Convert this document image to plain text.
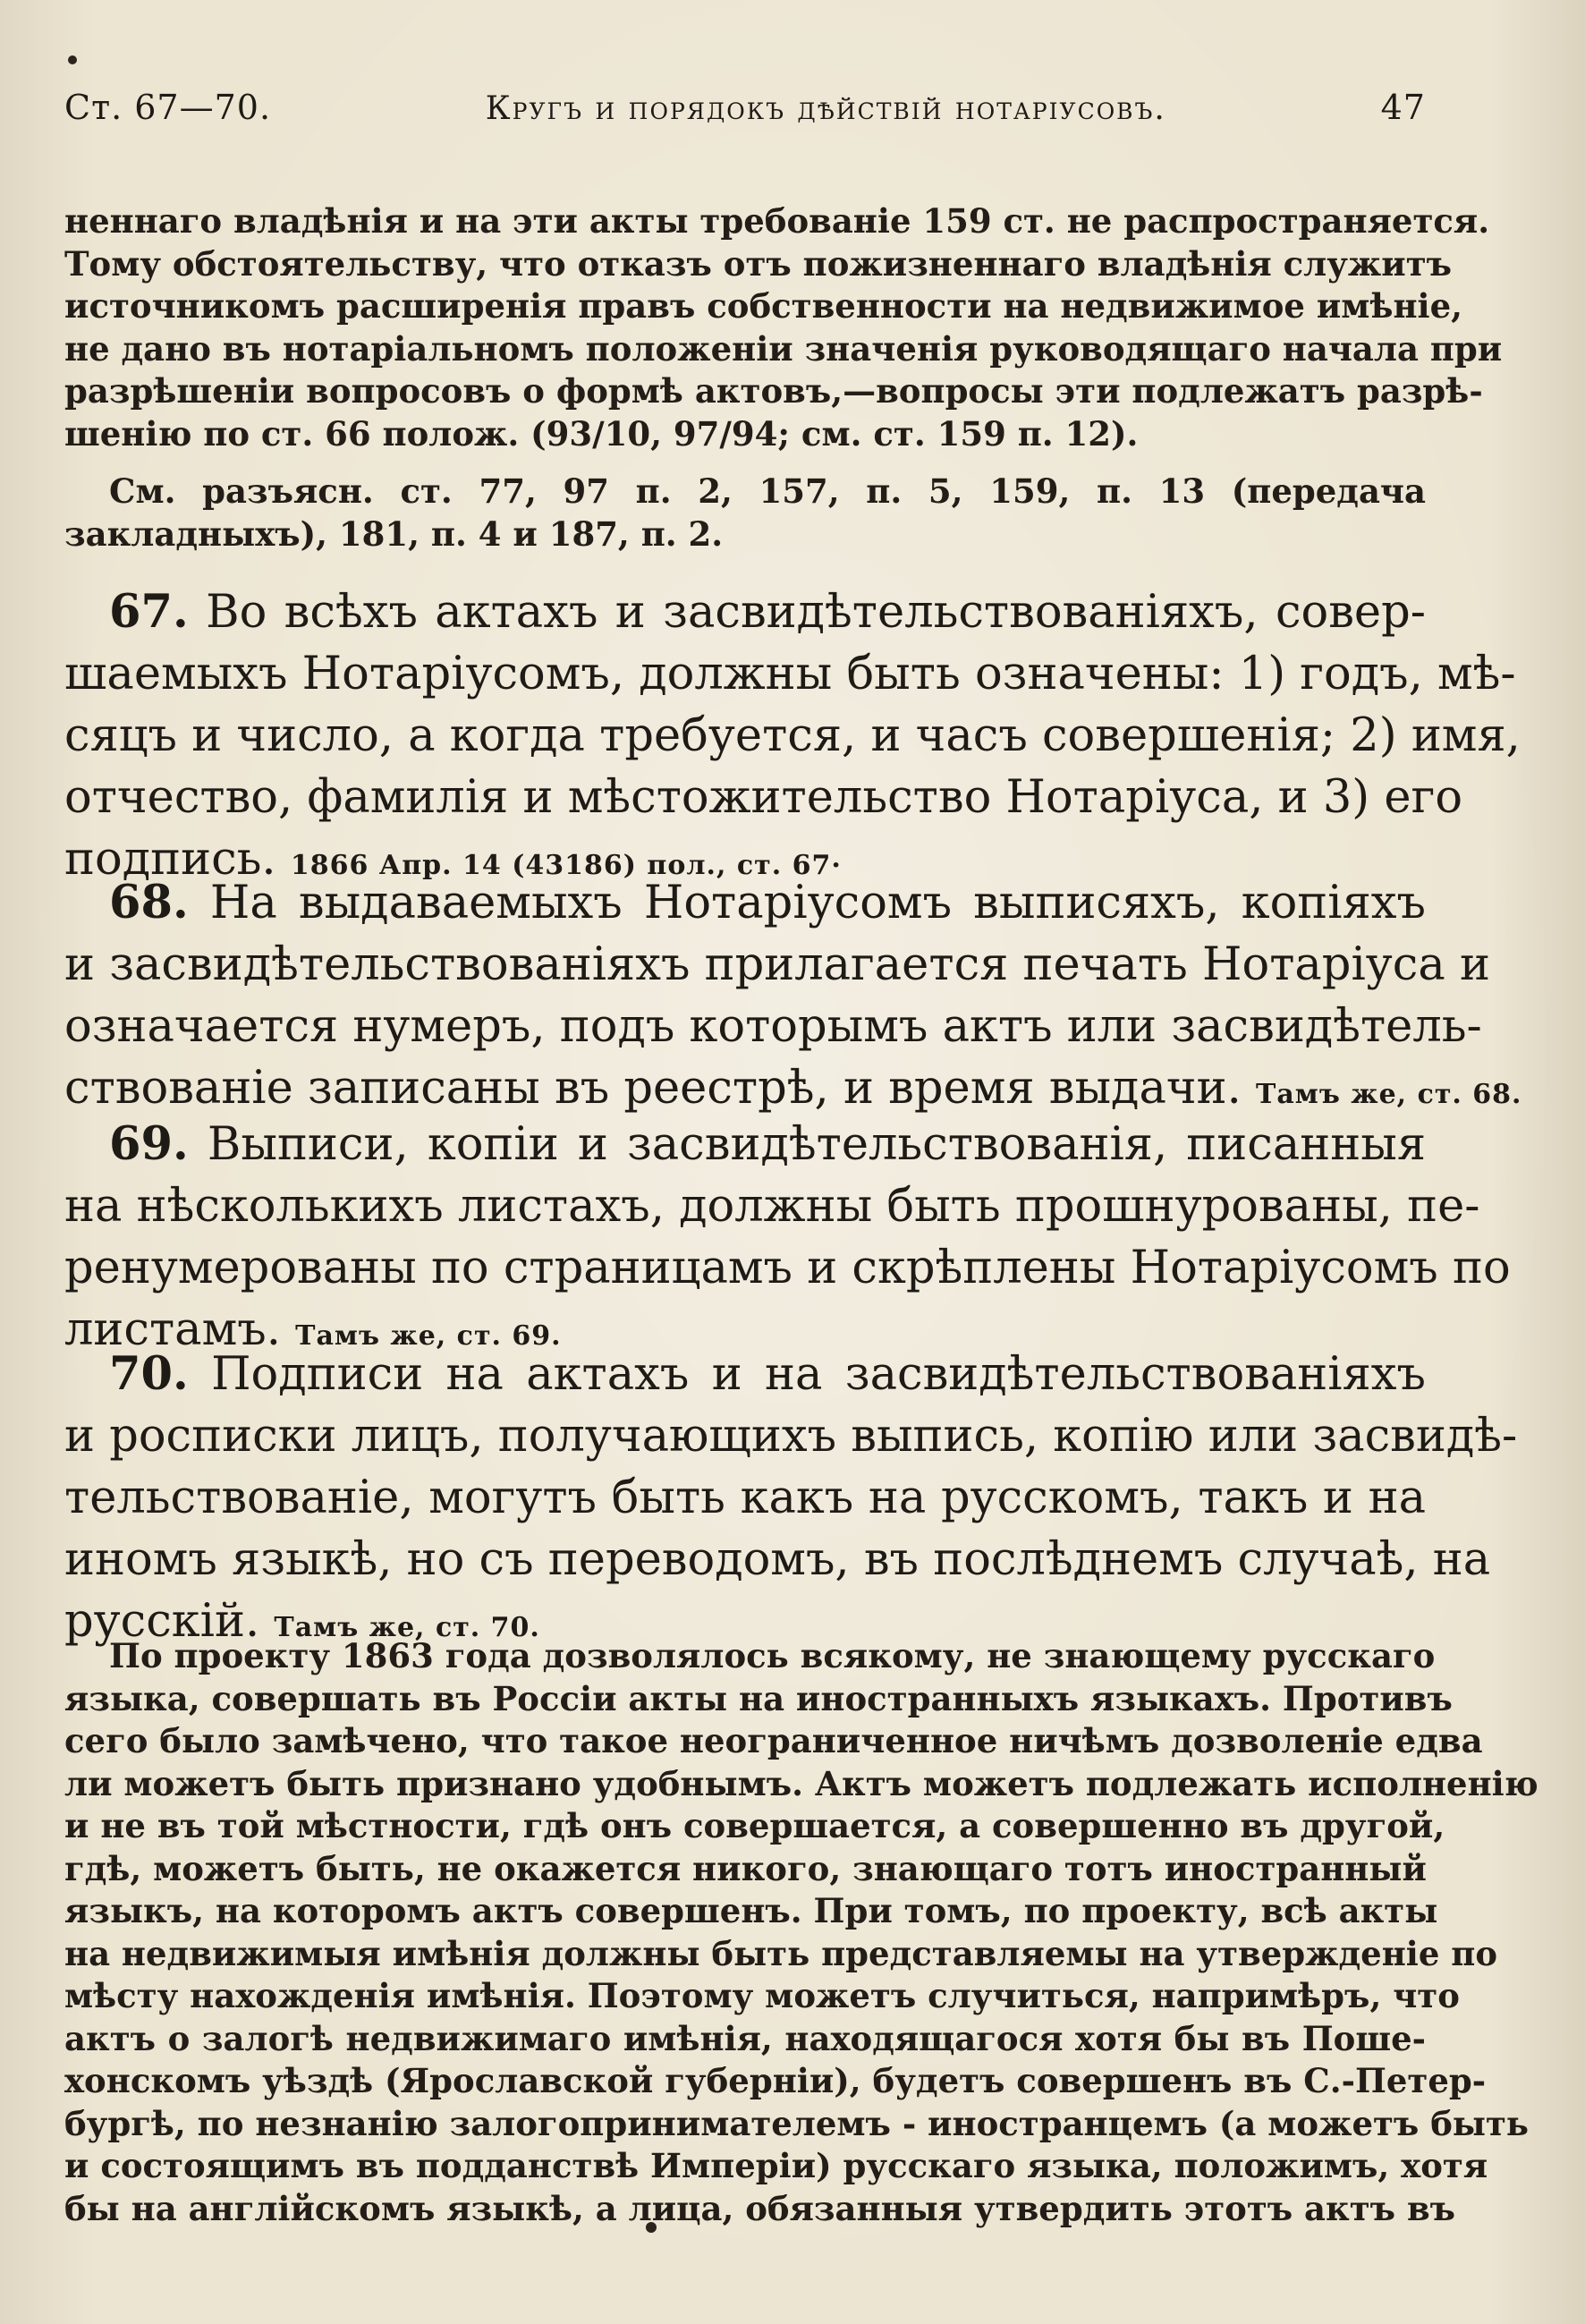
Ст. 67—70.	Кругъ и порядокъ дѣйствій нотаріусовъ.	47
неннаго владѣнія и на эти акты требованіе 159 ст. не распространяется.
Тому обстоятельству, что отказъ отъ пожизненнаго владѣнія служитъ
источникомъ расширенія правъ собственности на недвижимое имѣніе,
не дано въ нотаріальномъ положеніи значенія руководящаго начала при
разрѣшеніи вопросовъ о формѣ актовъ,—вопросы эти подлежатъ разрѣ-
шенію по ст. 66 полож. (93/10, 97/94; см. ст. 159 п. 12).
См. разъясн. ст. 77, 97 п. 2, 157, п. 5, 159, п. 13 (передача
закладныхъ), 181, п. 4 и 187, п. 2.
67. Во всѣхъ актахъ и засвидѣтельствованіяхъ, совер-
шаемыхъ Нотаріусомъ, должны быть означены: 1) годъ, мѣ-
сяцъ и число, а когда требуется, и часъ совершенія; 2) имя,
отчество, фамилія и мѣстожительство Нотаріуса, и 3) его
подпись. 1866 Апр. 14 (43186) пол., ст. 67·
68. На выдаваемыхъ Нотаріусомъ выписяхъ, копіяхъ
и засвидѣтельствованіяхъ прилагается печать Нотаріуса и
означается нумеръ, подъ которымъ актъ или засвидѣтель-
ствованіе записаны въ реестрѣ, и время выдачи. Тамъ же, ст. 68.
69. Выписи, копіи и засвидѣтельствованія, писанныя
на нѣсколькихъ листахъ, должны быть прошнурованы, пе-
ренумерованы по страницамъ и скрѣплены Нотаріусомъ по
листамъ. Тамъ же, ст. 69.
70. Подписи на актахъ и на засвидѣтельствованіяхъ
и росписки лицъ, получающихъ выпись, копію или засвидѣ-
тельствованіе, могутъ быть какъ на русскомъ, такъ и на
иномъ языкѣ, но съ переводомъ, въ послѣднемъ случаѣ, на
русскій. Тамъ же, ст. 70.
По проекту 1863 года дозволялось всякому, не знающему русскаго
языка, совершать въ Россіи акты на иностранныхъ языкахъ. Противъ
сего было замѣчено, что такое неограниченное ничѣмъ дозволеніе едва
ли можетъ быть признано удобнымъ. Актъ можетъ подлежать исполненію
и не въ той мѣстности, гдѣ онъ совершается, а совершенно въ другой,
гдѣ, можетъ быть, не окажется никого, знающаго тотъ иностранный
языкъ, на которомъ актъ совершенъ. При томъ, по проекту, всѣ акты
на недвижимыя имѣнія должны быть представляемы на утвержденіе по
мѣсту нахожденія имѣнія. Поэтому можетъ случиться, напримѣръ, что
актъ о залогѣ недвижимаго имѣнія, находящагося хотя бы въ Поше-
хонскомъ уѣздѣ (Ярославской губерніи), будетъ совершенъ въ С.-Петер-
бургѣ, по незнанію залогопринимателемъ - иностранцемъ (а можетъ быть
и состоящимъ въ подданствѣ Имперіи) русскаго языка, положимъ, хотя
бы на англійскомъ языкѣ, а лица, обязанныя утвердить этотъ актъ въ
